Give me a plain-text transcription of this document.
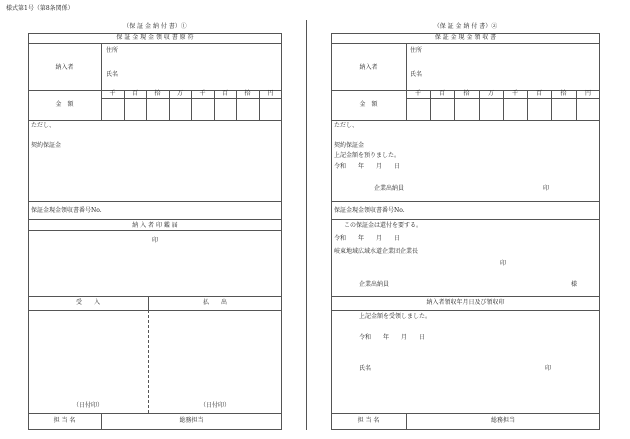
様式第1号（第8条関係）
（保 証 金 納 付 書）①
保 証 金 現 金 領 収 書 原 符
納入者
住所
氏名
金　額
千	百	拾	万	千	百	拾	円
ただし、
契約保証金
保証金現金領収書番号No.
納 入 者 印 鑑 届
印
受　　入	払　　出
（日付印）	（日付印）
担 当 名	総務担当
（保 証 金 納 付 書）②
保 証 金 現 金 領 収 書
納入者
住所
氏名
金　額
千	百	拾	万	千	百	拾	円
ただし、
契約保証金
上記金額を預りました。
令和　　年　　月　　日
企業出納員	印
保証金現金領収書番号No.
この保証金は還付を要する。
令和　　年　　月　　日
岐東地域広域水道企業団企業長
印
企業出納員	様
納入者領収年月日及び領収印
上記金額を受領しました。
令和　　年　　月　　日
氏名	印
担 当 名	総務担当
